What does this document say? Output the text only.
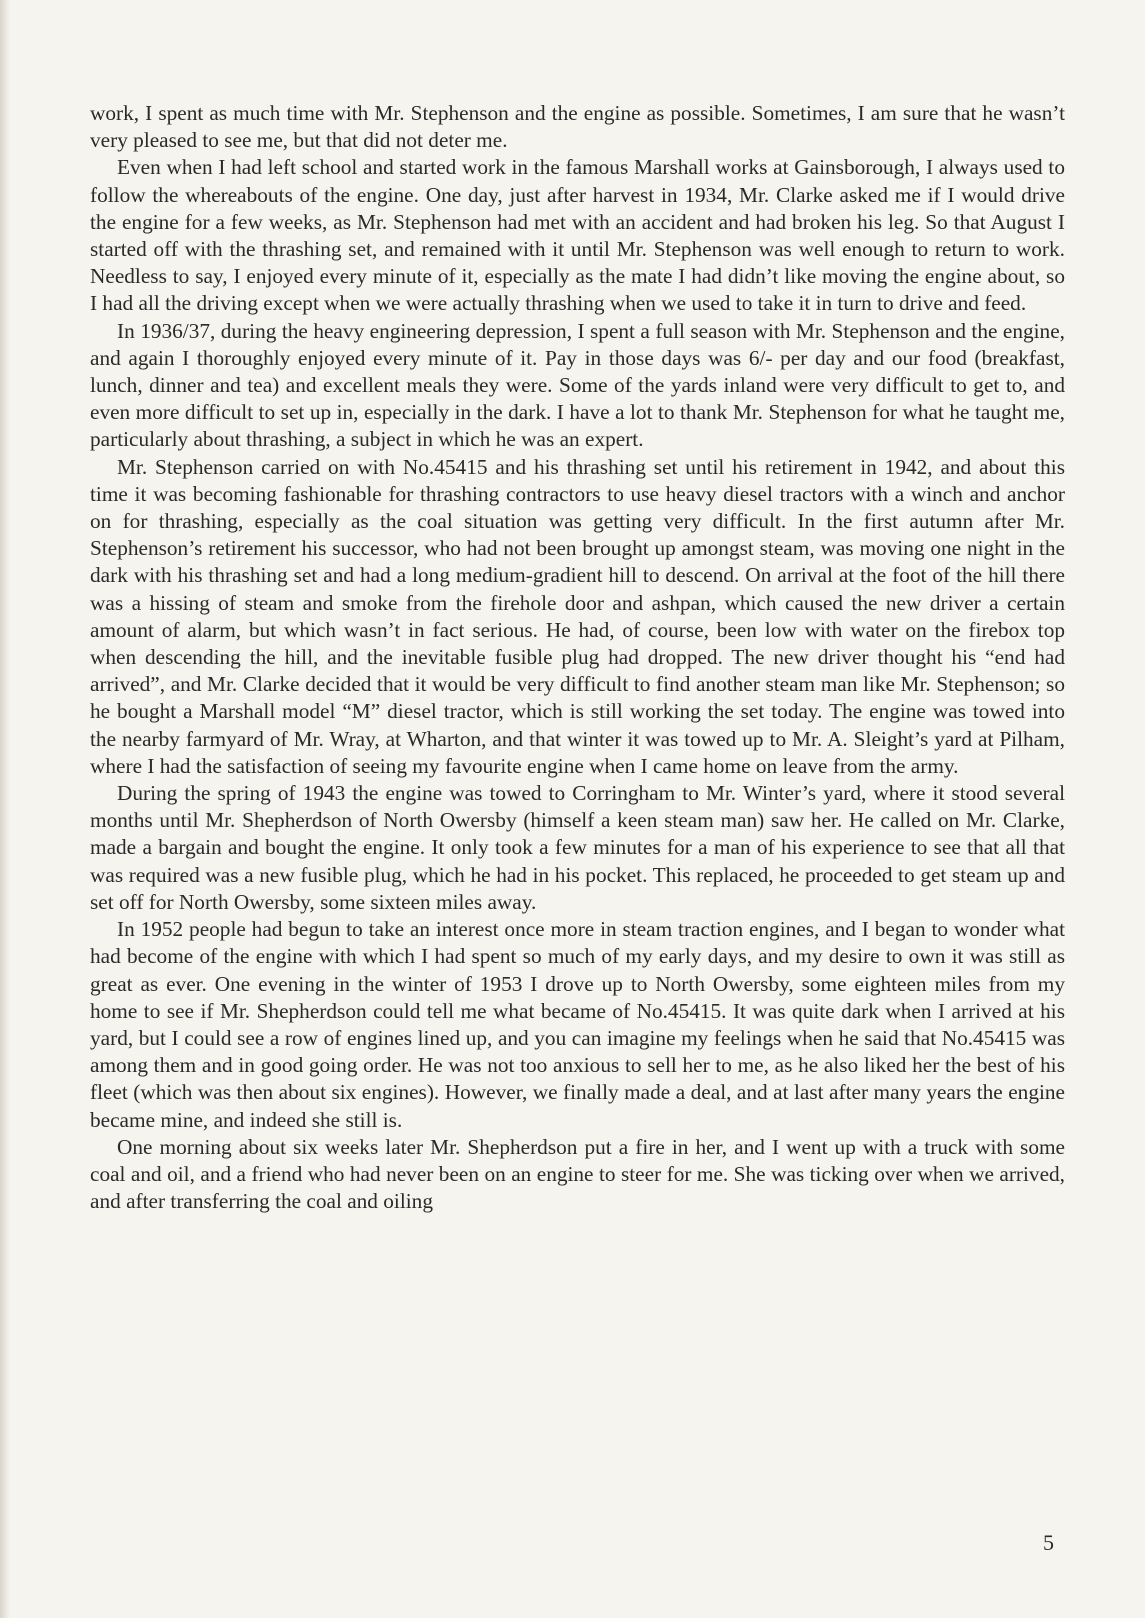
work, I spent as much time with Mr. Stephenson and the engine as possible. Sometimes, I am sure that he wasn’t very pleased to see me, but that did not deter me.

Even when I had left school and started work in the famous Marshall works at Gainsborough, I always used to follow the whereabouts of the engine. One day, just after harvest in 1934, Mr. Clarke asked me if I would drive the engine for a few weeks, as Mr. Stephenson had met with an accident and had broken his leg. So that August I started off with the thrashing set, and remained with it until Mr. Stephenson was well enough to return to work. Needless to say, I enjoyed every minute of it, especially as the mate I had didn’t like moving the engine about, so I had all the driving except when we were actually thrashing when we used to take it in turn to drive and feed.

In 1936/37, during the heavy engineering depression, I spent a full season with Mr. Stephenson and the engine, and again I thoroughly enjoyed every minute of it. Pay in those days was 6/- per day and our food (breakfast, lunch, dinner and tea) and excellent meals they were. Some of the yards inland were very difficult to get to, and even more difficult to set up in, especially in the dark. I have a lot to thank Mr. Stephenson for what he taught me, particularly about thrashing, a subject in which he was an expert.

Mr. Stephenson carried on with No.45415 and his thrashing set until his retirement in 1942, and about this time it was becoming fashionable for thrashing contractors to use heavy diesel tractors with a winch and anchor on for thrashing, especially as the coal situation was getting very difficult. In the first autumn after Mr. Stephenson’s retirement his successor, who had not been brought up amongst steam, was moving one night in the dark with his thrashing set and had a long medium-gradient hill to descend. On arrival at the foot of the hill there was a hissing of steam and smoke from the firehole door and ashpan, which caused the new driver a certain amount of alarm, but which wasn’t in fact serious. He had, of course, been low with water on the firebox top when descending the hill, and the inevitable fusible plug had dropped. The new driver thought his “end had arrived”, and Mr. Clarke decided that it would be very difficult to find another steam man like Mr. Stephenson; so he bought a Marshall model “M” diesel tractor, which is still working the set today. The engine was towed into the nearby farmyard of Mr. Wray, at Wharton, and that winter it was towed up to Mr. A. Sleight’s yard at Pilham, where I had the satisfaction of seeing my favourite engine when I came home on leave from the army.

During the spring of 1943 the engine was towed to Corringham to Mr. Winter’s yard, where it stood several months until Mr. Shepherdson of North Owersby (himself a keen steam man) saw her. He called on Mr. Clarke, made a bargain and bought the engine. It only took a few minutes for a man of his experience to see that all that was required was a new fusible plug, which he had in his pocket. This replaced, he proceeded to get steam up and set off for North Owersby, some sixteen miles away.

In 1952 people had begun to take an interest once more in steam traction engines, and I began to wonder what had become of the engine with which I had spent so much of my early days, and my desire to own it was still as great as ever. One evening in the winter of 1953 I drove up to North Owersby, some eighteen miles from my home to see if Mr. Shepherdson could tell me what became of No.45415. It was quite dark when I arrived at his yard, but I could see a row of engines lined up, and you can imagine my feelings when he said that No.45415 was among them and in good going order. He was not too anxious to sell her to me, as he also liked her the best of his fleet (which was then about six engines). However, we finally made a deal, and at last after many years the engine became mine, and indeed she still is.

One morning about six weeks later Mr. Shepherdson put a fire in her, and I went up with a truck with some coal and oil, and a friend who had never been on an engine to steer for me. She was ticking over when we arrived, and after transferring the coal and oiling

5
